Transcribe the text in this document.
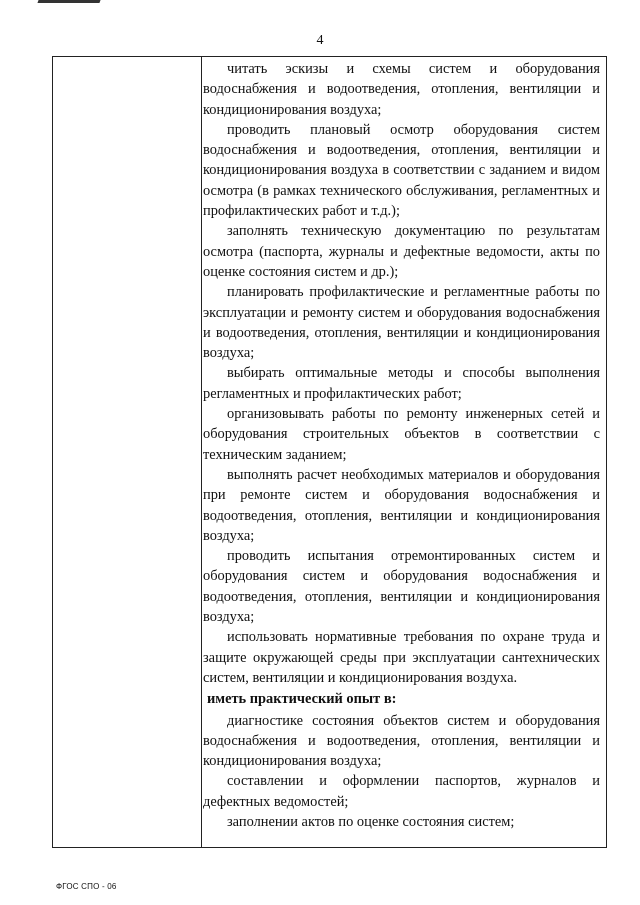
4

читать эскизы и схемы систем и оборудования водоснабжения и водоотведения, отопления, вентиляции и кондиционирования воздуха;

проводить плановый осмотр оборудования систем водоснабжения и водоотведения, отопления, вентиляции и кондиционирования воздуха в соответствии с заданием и видом осмотра (в рамках технического обслуживания, регламентных и профилактических работ и т.д.);

заполнять техническую документацию по результатам осмотра (паспорта, журналы и дефектные ведомости, акты по оценке состояния систем и др.);

планировать профилактические и регламентные работы по эксплуатации и ремонту систем и оборудования водоснабжения и водоотведения, отопления, вентиляции и кондиционирования воздуха;

выбирать оптимальные методы и способы выполнения регламентных и профилактических работ;

организовывать работы по ремонту инженерных сетей и оборудования строительных объектов в соответствии с техническим заданием;

выполнять расчет необходимых материалов и оборудования при ремонте систем и оборудования водоснабжения и водоотведения, отопления, вентиляции и кондиционирования воздуха;

проводить испытания отремонтированных систем и оборудования систем и оборудования водоснабжения и водоотведения, отопления, вентиляции и кондиционирования воздуха;

использовать нормативные требования по охране труда и защите окружающей среды при эксплуатации сантехнических систем, вентиляции и кондиционирования воздуха.

иметь практический опыт в:

диагностике состояния объектов систем и оборудования водоснабжения и водоотведения, отопления, вентиляции и кондиционирования воздуха;

составлении и оформлении паспортов, журналов и дефектных ведомостей;

заполнении актов по оценке состояния систем;

ФГОС СПО - 06
